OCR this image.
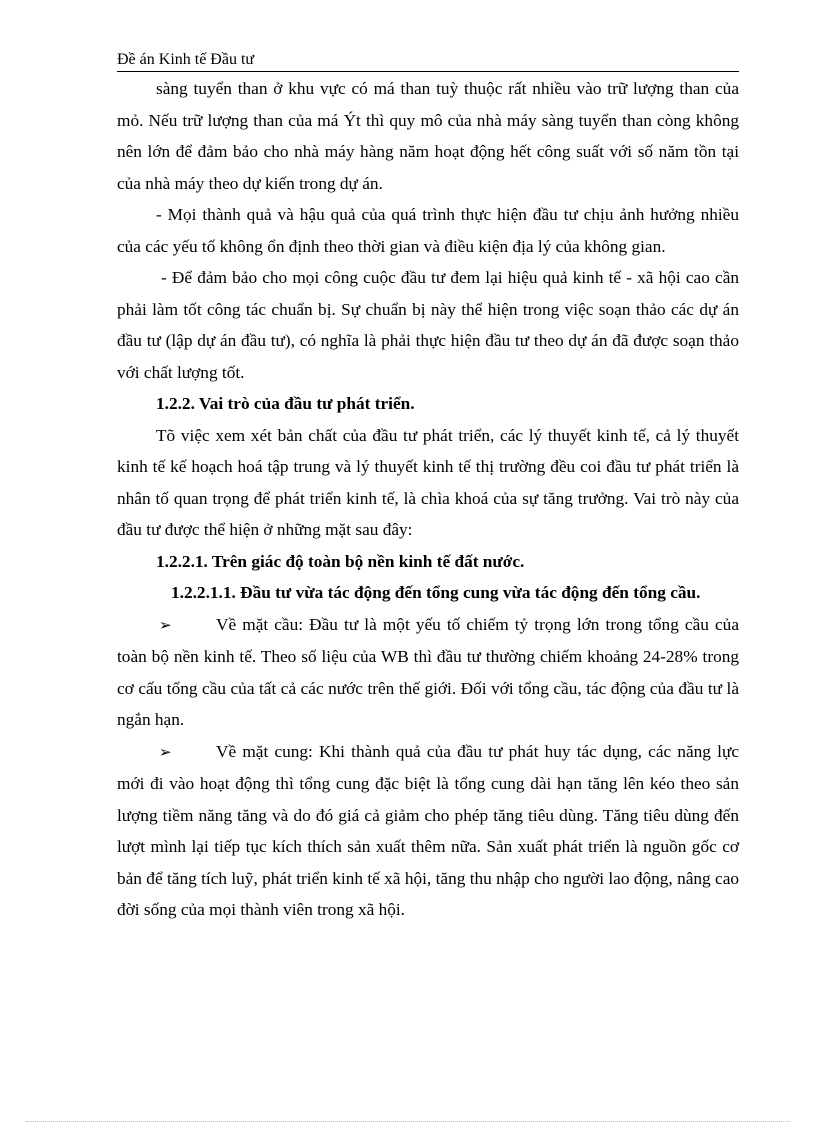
Đề án Kinh tế Đầu tư

sàng tuyển than ở khu vực có má than tuỳ thuộc rất nhiều vào trữ lượng than của mỏ. Nếu trữ lượng than của má Ýt thì quy mô của nhà máy sàng tuyển than còng không nên lớn để đảm bảo cho nhà máy hàng năm hoạt động hết công suất với số năm tồn tại của nhà máy theo dự kiến trong dự án.

- Mọi thành quả và hậu quả của quá trình thực hiện đầu tư chịu ảnh hưởng nhiều của các yếu tố không ổn định theo thời gian và điều kiện địa lý của không gian.

- Để đảm bảo cho mọi công cuộc đầu tư đem lại hiệu quả kinh tế - xã hội cao cần phải làm tốt công tác chuẩn bị. Sự chuẩn bị này thể hiện trong việc soạn thảo các dự án đầu tư (lập dự án đầu tư), có nghĩa là phải thực hiện đầu tư theo dự án đã được soạn thảo với chất lượng tốt.

1.2.2. Vai trò của đầu tư phát triển.

Tõ việc xem xét bản chất của đầu tư phát triển, các lý thuyết kinh tế, cả lý thuyết kinh tế kế hoạch hoá tập trung và lý thuyết kinh tế thị trường đều coi đầu tư phát triển là nhân tố quan trọng để phát triển kinh tế, là chìa khoá của sự tăng trưởng. Vai trò này của đầu tư được thể hiện ở những mặt sau đây:

1.2.2.1. Trên giác độ toàn bộ nền kinh tế đất nước.

1.2.2.1.1. Đầu tư vừa tác động đến tổng cung vừa tác động đến tổng cầu.

➢	Về mặt cầu: Đầu tư là một yếu tố chiếm tỷ trọng lớn trong tổng cầu của toàn bộ nền kinh tế. Theo số liệu của WB thì đầu tư thường chiếm khoảng 24-28% trong cơ cấu tổng cầu của tất cả các nước trên thế giới. Đối với tổng cầu, tác động của đầu tư là ngắn hạn.

➢	Về mặt cung: Khi thành quả của đầu tư phát huy tác dụng, các năng lực mới đi vào hoạt động thì tổng cung đặc biệt là tổng cung dài hạn tăng lên kéo theo sản lượng tiềm năng tăng và do đó giá cả giảm cho phép tăng tiêu dùng. Tăng tiêu dùng đến lượt mình lại tiếp tục kích thích sản xuất thêm nữa. Sản xuất phát triển là nguồn gốc cơ bản để tăng tích luỹ, phát triển kinh tế xã hội, tăng thu nhập cho người lao động, nâng cao đời sống của mọi thành viên trong xã hội.
